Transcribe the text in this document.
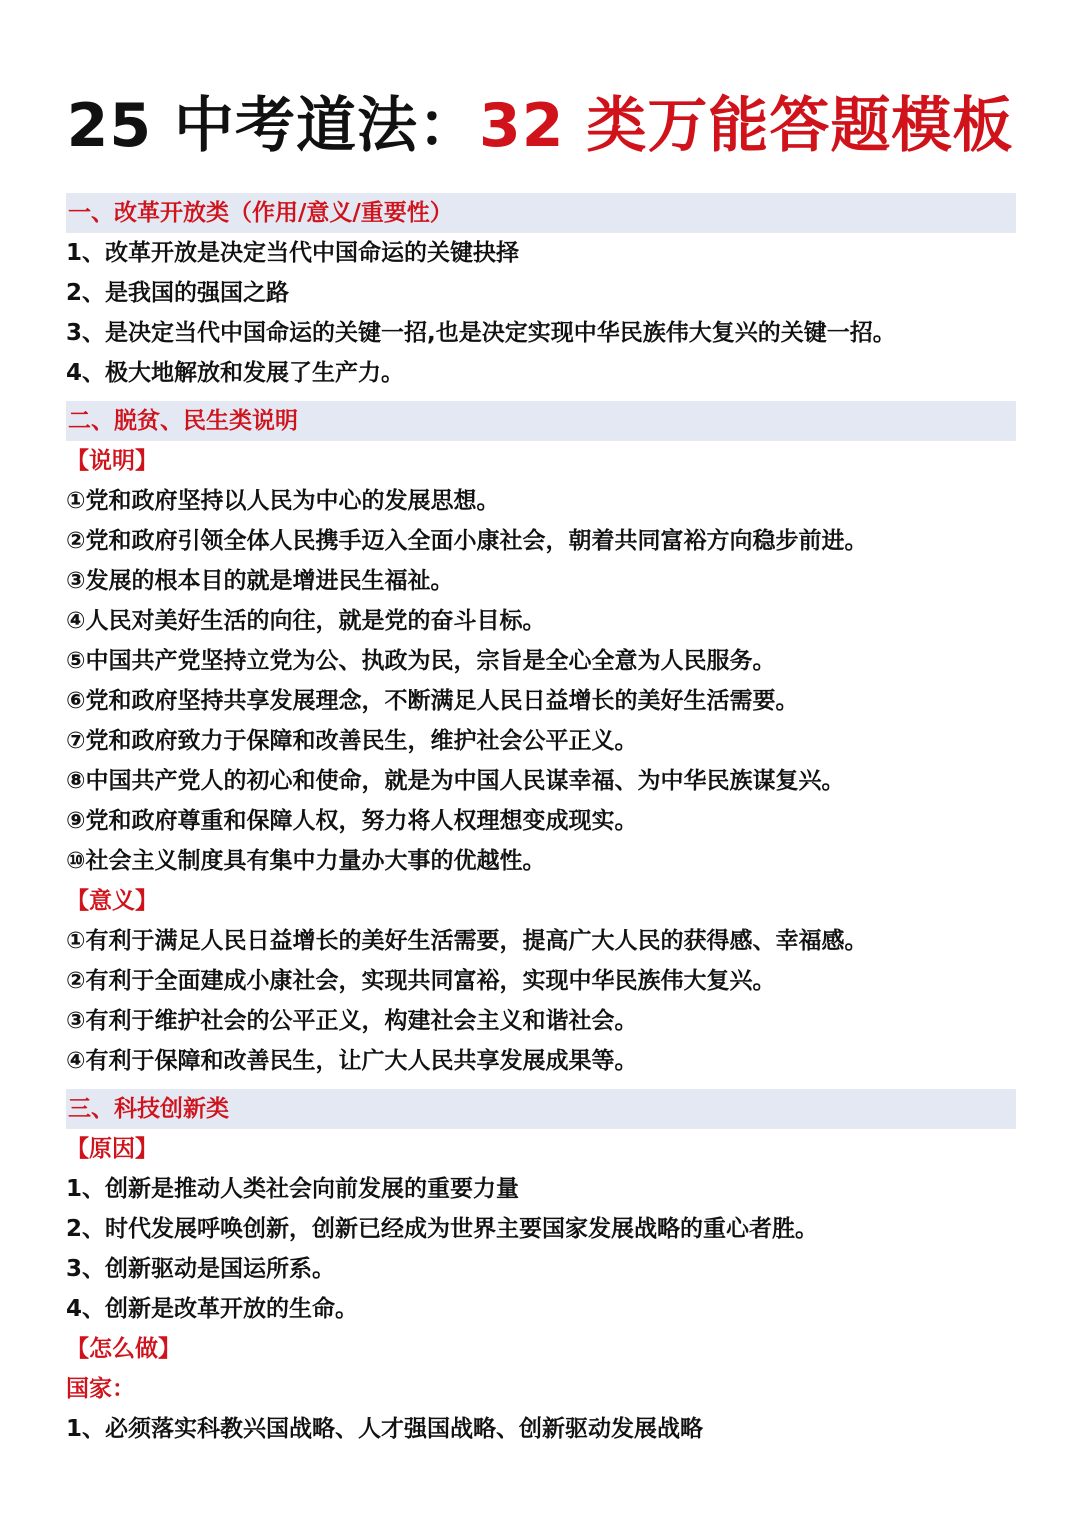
25 中考道法：32 类万能答题模板
一、改革开放类（作用/意义/重要性）
1、改革开放是决定当代中国命运的关键抉择
2、是我国的强国之路
3、是决定当代中国命运的关键一招,也是决定实现中华民族伟大复兴的关键一招。
4、极大地解放和发展了生产力。
二、脱贫、民生类说明
【说明】
①党和政府坚持以人民为中心的发展思想。
②党和政府引领全体人民携手迈入全面小康社会，朝着共同富裕方向稳步前进。
③发展的根本目的就是增进民生福祉。
④人民对美好生活的向往，就是党的奋斗目标。
⑤中国共产党坚持立党为公、执政为民，宗旨是全心全意为人民服务。
⑥党和政府坚持共享发展理念，不断满足人民日益增长的美好生活需要。
⑦党和政府致力于保障和改善民生，维护社会公平正义。
⑧中国共产党人的初心和使命，就是为中国人民谋幸福、为中华民族谋复兴。
⑨党和政府尊重和保障人权，努力将人权理想变成现实。
⑩社会主义制度具有集中力量办大事的优越性。
【意义】
①有利于满足人民日益增长的美好生活需要，提高广大人民的获得感、幸福感。
②有利于全面建成小康社会，实现共同富裕，实现中华民族伟大复兴。
③有利于维护社会的公平正义，构建社会主义和谐社会。
④有利于保障和改善民生，让广大人民共享发展成果等。
三、科技创新类
【原因】
1、创新是推动人类社会向前发展的重要力量
2、时代发展呼唤创新，创新已经成为世界主要国家发展战略的重心者胜。
3、创新驱动是国运所系。
4、创新是改革开放的生命。
【怎么做】
国家：
1、必须落实科教兴国战略、人才强国战略、创新驱动发展战略
